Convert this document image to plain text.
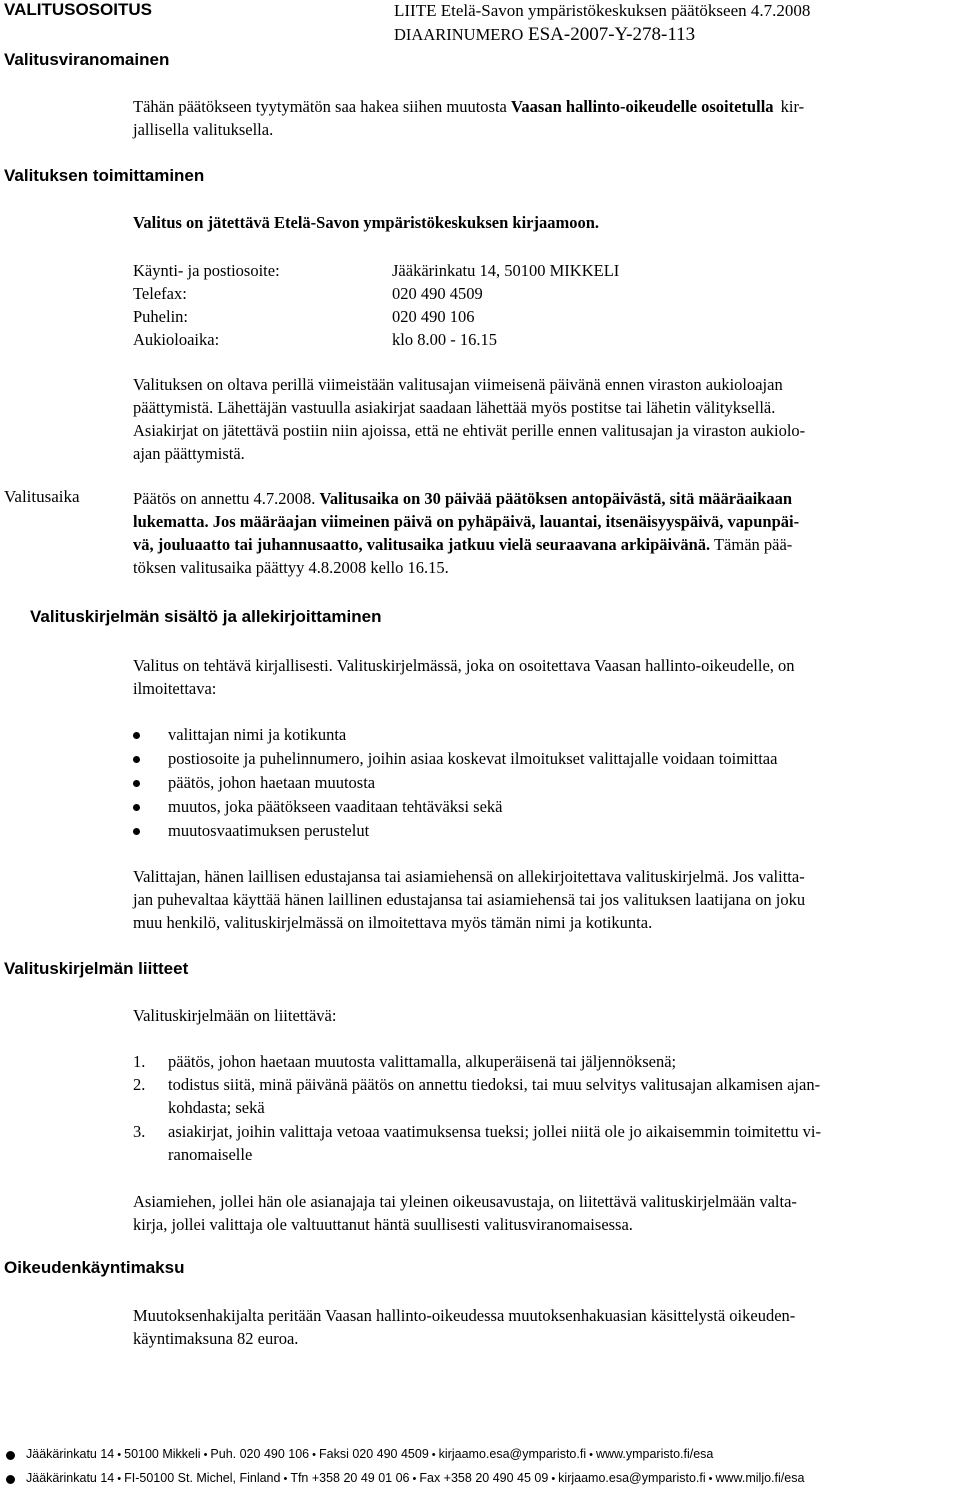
VALITUSOSOITUS
Valitusviranomainen
LIITE Etelä-Savon ympäristökeskuksen päätökseen 4.7.2008
DIAARINUMERO ESA-2007-Y-278-113
Tähän päätökseen tyytymätön saa hakea siihen muutosta Vaasan hallinto-oikeudelle osoitetulla kir-
jallisella valituksella.
Valituksen toimittaminen
Valitus on jätettävä Etelä-Savon ympäristökeskuksen kirjaamoon.
Käynti- ja postiosoite:	Jääkärinkatu 14, 50100 MIKKELI
Telefax:	020 490 4509
Puhelin:	020 490 106
Aukioloaika:	klo 8.00 - 16.15
Valituksen on oltava perillä viimeistään valitusajan viimeisenä päivänä ennen viraston aukioloajan
päättymistä. Lähettäjän vastuulla asiakirjat saadaan lähettää myös postitse tai lähetin välityksellä.
Asiakirjat on jätettävä postiin niin ajoissa, että ne ehtivät perille ennen valitusajan ja viraston aukiolo-
ajan päättymistä.
Valitusaika	Päätös on annettu 4.7.2008. Valitusaika on 30 päivää päätöksen antopäivästä, sitä määräaikaan
lukematta. Jos määräajan viimeinen päivä on pyhäpäivä, lauantai, itsenäisyyspäivä, vapunpäi-
vä, jouluaatto tai juhannusaatto, valitusaika jatkuu vielä seuraavana arkipäivänä. Tämän pää-
töksen valitusaika päättyy 4.8.2008 kello 16.15.
Valituskirjelmän sisältö ja allekirjoittaminen
Valitus on tehtävä kirjallisesti. Valituskirjelmässä, joka on osoitettava Vaasan hallinto-oikeudelle, on
ilmoitettava:
valittajan nimi ja kotikunta
postiosoite ja puhelinnumero, joihin asiaa koskevat ilmoitukset valittajalle voidaan toimittaa
päätös, johon haetaan muutosta
muutos, joka päätökseen vaaditaan tehtäväksi sekä
muutosvaatimuksen perustelut
Valittajan, hänen laillisen edustajansa tai asiamiehensä on allekirjoitettava valituskirjelmä. Jos valitta-
jan puhevaltaa käyttää hänen laillinen edustajansa tai asiamiehensä tai jos valituksen laatijana on joku
muu henkilö, valituskirjelmässä on ilmoitettava myös tämän nimi ja kotikunta.
Valituskirjelmän liitteet
Valituskirjelmään on liitettävä:
1. päätös, johon haetaan muutosta valittamalla, alkuperäisenä tai jäljennöksenä;
2. todistus siitä, minä päivänä päätös on annettu tiedoksi, tai muu selvitys valitusajan alkamisen ajan-
kohdasta; sekä
3. asiakirjat, joihin valittaja vetoaa vaatimuksensa tueksi; jollei niitä ole jo aikaisemmin toimitettu vi-
ranomaiselle
Asiamiehen, jollei hän ole asianajaja tai yleinen oikeusavustaja, on liitettävä valituskirjelmään valta-
kirja, jollei valittaja ole valtuuttanut häntä suullisesti valitusviranomaisessa.
Oikeudenkäyntimaksu
Muutoksenhakijalta peritään Vaasan hallinto-oikeudessa muutoksenhakuasian käsittelystä oikeuden-
käyntimaksuna 82 euroa.
Jääkärinkatu 14 • 50100 Mikkeli • Puh. 020 490 106 • Faksi 020 490 4509 • kirjaamo.esa@ymparisto.fi • www.ymparisto.fi/esa
Jääkärinkatu 14 • FI-50100 St. Michel, Finland • Tfn +358 20 49 01 06 • Fax +358 20 490 45 09 • kirjaamo.esa@ymparisto.fi • www.miljo.fi/esa
